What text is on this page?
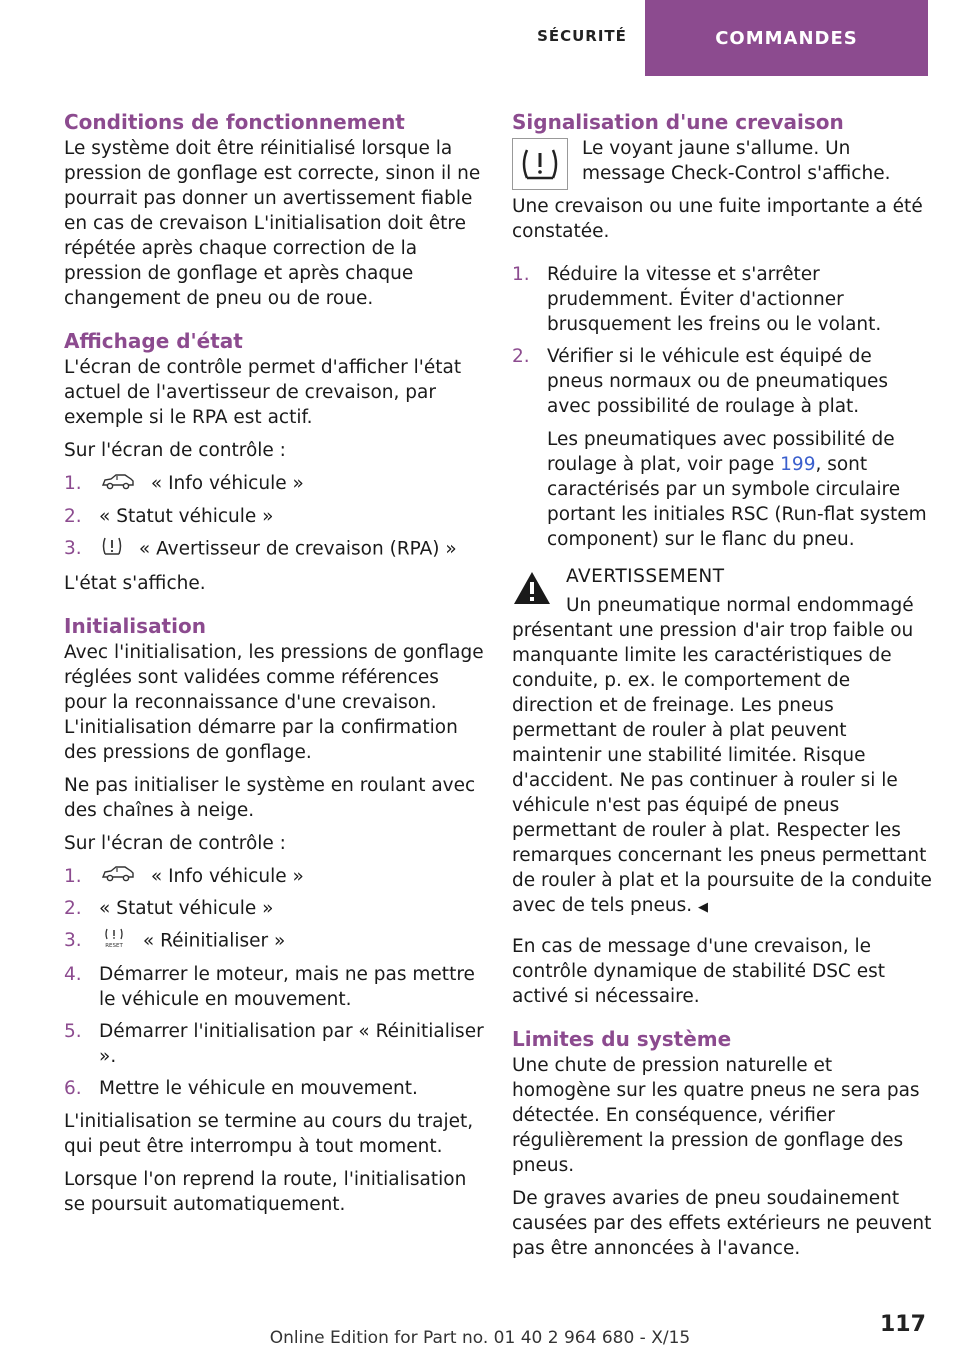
SÉCURITÉ	COMMANDES
Conditions de fonctionnement

Le système doit être réinitialisé lorsque la pression de gonflage est correcte, sinon il ne pourrait pas donner un avertissement fiable en cas de crevaison L'initialisation doit être répétée après chaque correction de la pression de gonflage et après chaque changement de pneu ou de roue.

Affichage d'état

L'écran de contrôle permet d'afficher l'état actuel de l'avertisseur de crevaison, par exemple si le RPA est actif.

Sur l'écran de contrôle :

1.	« Info véhicule »
2. « Statut véhicule »
3.	« Avertisseur de crevaison (RPA) »

L'état s'affiche.

Initialisation

Avec l'initialisation, les pressions de gonflage réglées sont validées comme références pour la reconnaissance d'une crevaison. L'initialisation démarre par la confirmation des pressions de gonflage.

Ne pas initialiser le système en roulant avec des chaînes à neige.

Sur l'écran de contrôle :

1.	« Info véhicule »
2. « Statut véhicule »
3.	RESET « Réinitialiser »
4. Démarrer le moteur, mais ne pas mettre le véhicule en mouvement.
5. Démarrer l'initialisation par « Réinitialiser ».
6. Mettre le véhicule en mouvement.

L'initialisation se termine au cours du trajet, qui peut être interrompu à tout moment.

Lorsque l'on reprend la route, l'initialisation se poursuit automatiquement.

Signalisation d'une crevaison

Le voyant jaune s'allume. Un message Check-Control s'affiche.

Une crevaison ou une fuite importante a été constatée.

1. Réduire la vitesse et s'arrêter prudemment. Éviter d'actionner brusquement les freins ou le volant.
2. Vérifier si le véhicule est équipé de pneus normaux ou de pneumatiques avec possibilité de roulage à plat.

Les pneumatiques avec possibilité de roulage à plat, voir page 199, sont caractérisés par un symbole circulaire portant les initiales RSC (Run-flat system component) sur le flanc du pneu.

AVERTISSEMENT

Un pneumatique normal endommagé présentant une pression d'air trop faible ou manquante limite les caractéristiques de conduite, p. ex. le comportement de direction et de freinage. Les pneus permettant de rouler à plat peuvent maintenir une stabilité limitée. Risque d'accident. Ne pas continuer à rouler si le véhicule n'est pas équipé de pneus permettant de rouler à plat. Respecter les remarques concernant les pneus permettant de rouler à plat et la poursuite de la conduite avec de tels pneus. ◀

En cas de message d'une crevaison, le contrôle dynamique de stabilité DSC est activé si nécessaire.

Limites du système

Une chute de pression naturelle et homogène sur les quatre pneus ne sera pas détectée. En conséquence, vérifier régulièrement la pression de gonflage des pneus.

De graves avaries de pneu soudainement causées par des effets extérieurs ne peuvent pas être annoncées à l'avance.

117
Online Edition for Part no. 01 40 2 964 680 - X/15
